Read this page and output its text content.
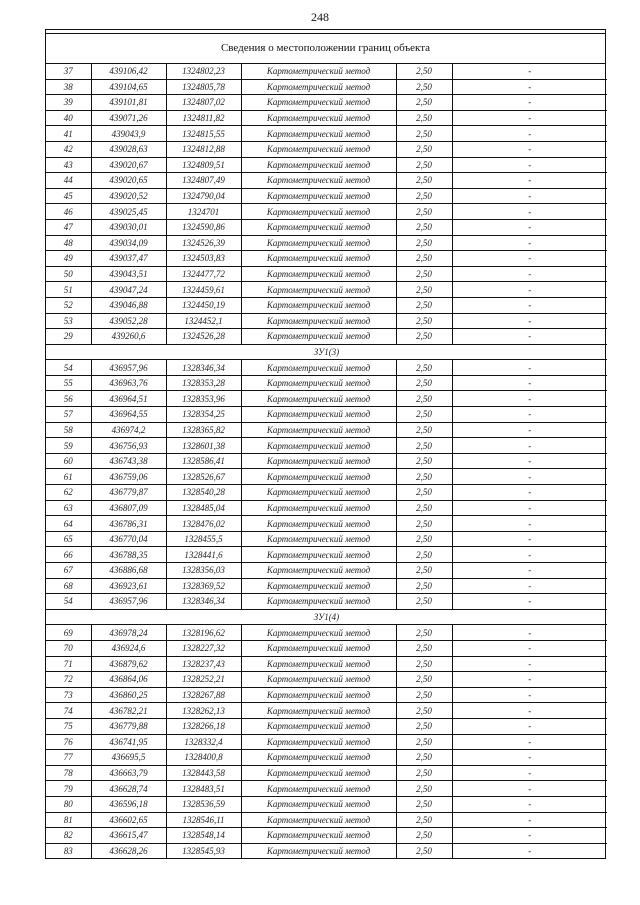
248
Сведения о местоположении границ объекта
37	439106,42	1324802,23	Картометрический метод	2,50	-
38	439104,65	1324805,78	Картометрический метод	2,50	-
39	439101,81	1324807,02	Картометрический метод	2,50	-
40	439071,26	1324811,82	Картометрический метод	2,50	-
41	439043,9	1324815,55	Картометрический метод	2,50	-
42	439028,63	1324812,88	Картометрический метод	2,50	-
43	439020,67	1324809,51	Картометрический метод	2,50	-
44	439020,65	1324807,49	Картометрический метод	2,50	-
45	439020,52	1324790,04	Картометрический метод	2,50	-
46	439025,45	1324701	Картометрический метод	2,50	-
47	439030,01	1324590,86	Картометрический метод	2,50	-
48	439034,09	1324526,39	Картометрический метод	2,50	-
49	439037,47	1324503,83	Картометрический метод	2,50	-
50	439043,51	1324477,72	Картометрический метод	2,50	-
51	439047,24	1324459,61	Картометрический метод	2,50	-
52	439046,88	1324450,19	Картометрический метод	2,50	-
53	439052,28	1324452,1	Картометрический метод	2,50	-
29	439260,6	1324526,28	Картометрический метод	2,50	-
ЗУ1(3)					
54	436957,96	1328346,34	Картометрический метод	2,50	-
55	436963,76	1328353,28	Картометрический метод	2,50	-
56	436964,51	1328353,96	Картометрический метод	2,50	-
57	436964,55	1328354,25	Картометрический метод	2,50	-
58	436974,2	1328365,82	Картометрический метод	2,50	-
59	436756,93	1328601,38	Картометрический метод	2,50	-
60	436743,38	1328586,41	Картометрический метод	2,50	-
61	436759,06	1328526,67	Картометрический метод	2,50	-
62	436779,87	1328540,28	Картометрический метод	2,50	-
63	436807,09	1328485,04	Картометрический метод	2,50	-
64	436786,31	1328476,02	Картометрический метод	2,50	-
65	436770,04	1328455,5	Картометрический метод	2,50	-
66	436788,35	1328441,6	Картометрический метод	2,50	-
67	436886,68	1328356,03	Картометрический метод	2,50	-
68	436923,61	1328369,52	Картометрический метод	2,50	-
54	436957,96	1328346,34	Картометрический метод	2,50	-
ЗУ1(4)					
69	436978,24	1328196,62	Картометрический метод	2,50	-
70	436924,6	1328227,32	Картометрический метод	2,50	-
71	436879,62	1328237,43	Картометрический метод	2,50	-
72	436864,06	1328252,21	Картометрический метод	2,50	-
73	436860,25	1328267,88	Картометрический метод	2,50	-
74	436782,21	1328262,13	Картометрический метод	2,50	-
75	436779,88	1328266,18	Картометрический метод	2,50	-
76	436741,95	1328332,4	Картометрический метод	2,50	-
77	436695,5	1328400,8	Картометрический метод	2,50	-
78	436663,79	1328443,58	Картометрический метод	2,50	-
79	436628,74	1328483,51	Картометрический метод	2,50	-
80	436596,18	1328536,59	Картометрический метод	2,50	-
81	436602,65	1328546,11	Картометрический метод	2,50	-
82	436615,47	1328548,14	Картометрический метод	2,50	-
83	436628,26	1328545,93	Картометрический метод	2,50	-
